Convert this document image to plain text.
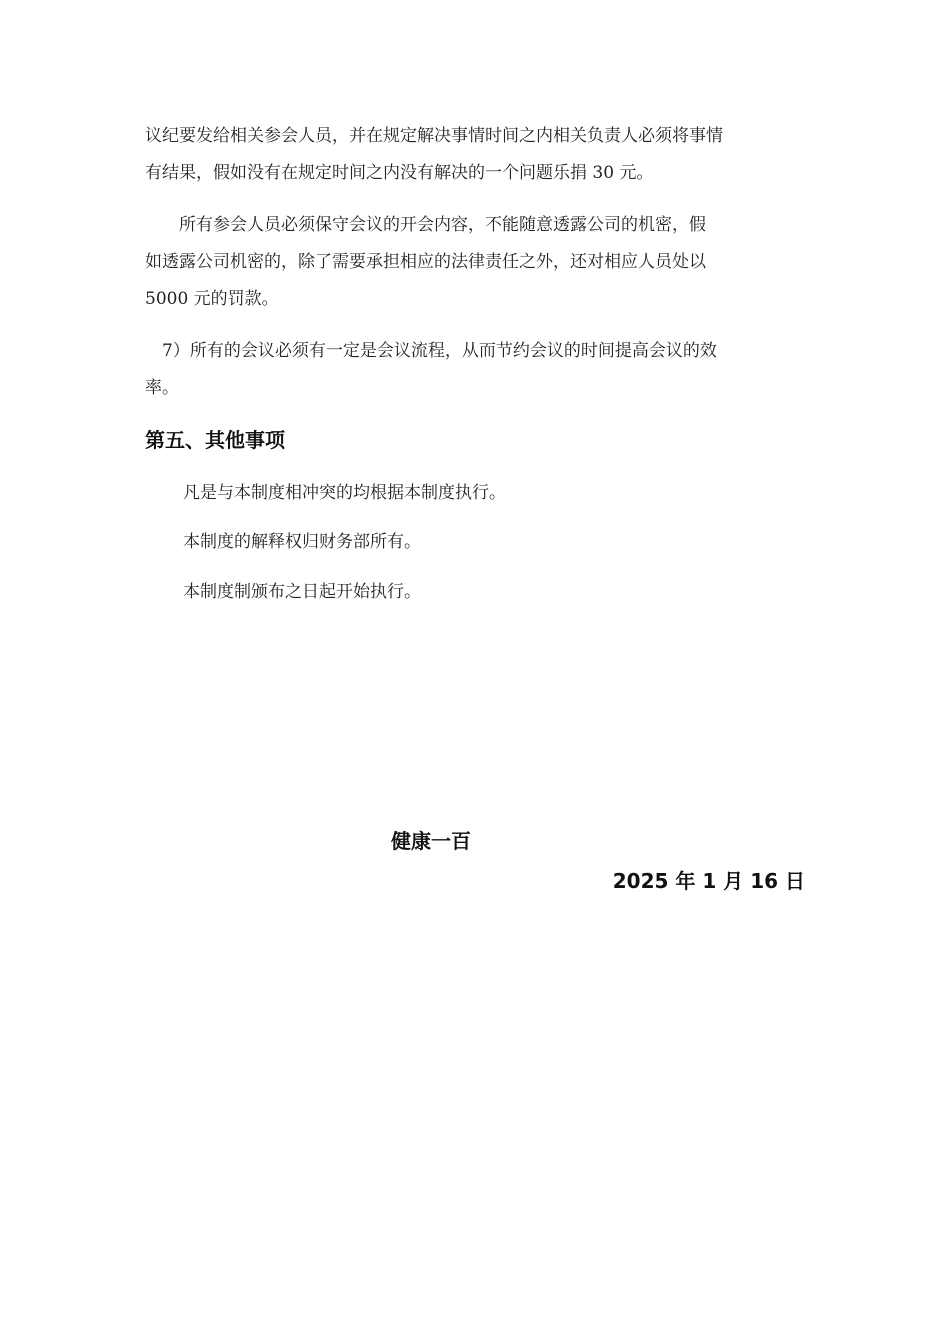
议纪要发给相关参会人员，并在规定解决事情时间之内相关负责人必须将事情
有结果，假如没有在规定时间之内没有解决的一个问题乐捐 30 元。
　　所有参会人员必须保守会议的开会内容，不能随意透露公司的机密，假
如透露公司机密的，除了需要承担相应的法律责任之外，还对相应人员处以
5000 元的罚款。
　7）所有的会议必须有一定是会议流程，从而节约会议的时间提高会议的效
率。
第五、其他事项

凡是与本制度相冲突的均根据本制度执行。

本制度的解释权归财务部所有。

本制度制颁布之日起开始执行。

健康一百
2025 年 1 月 16 日
